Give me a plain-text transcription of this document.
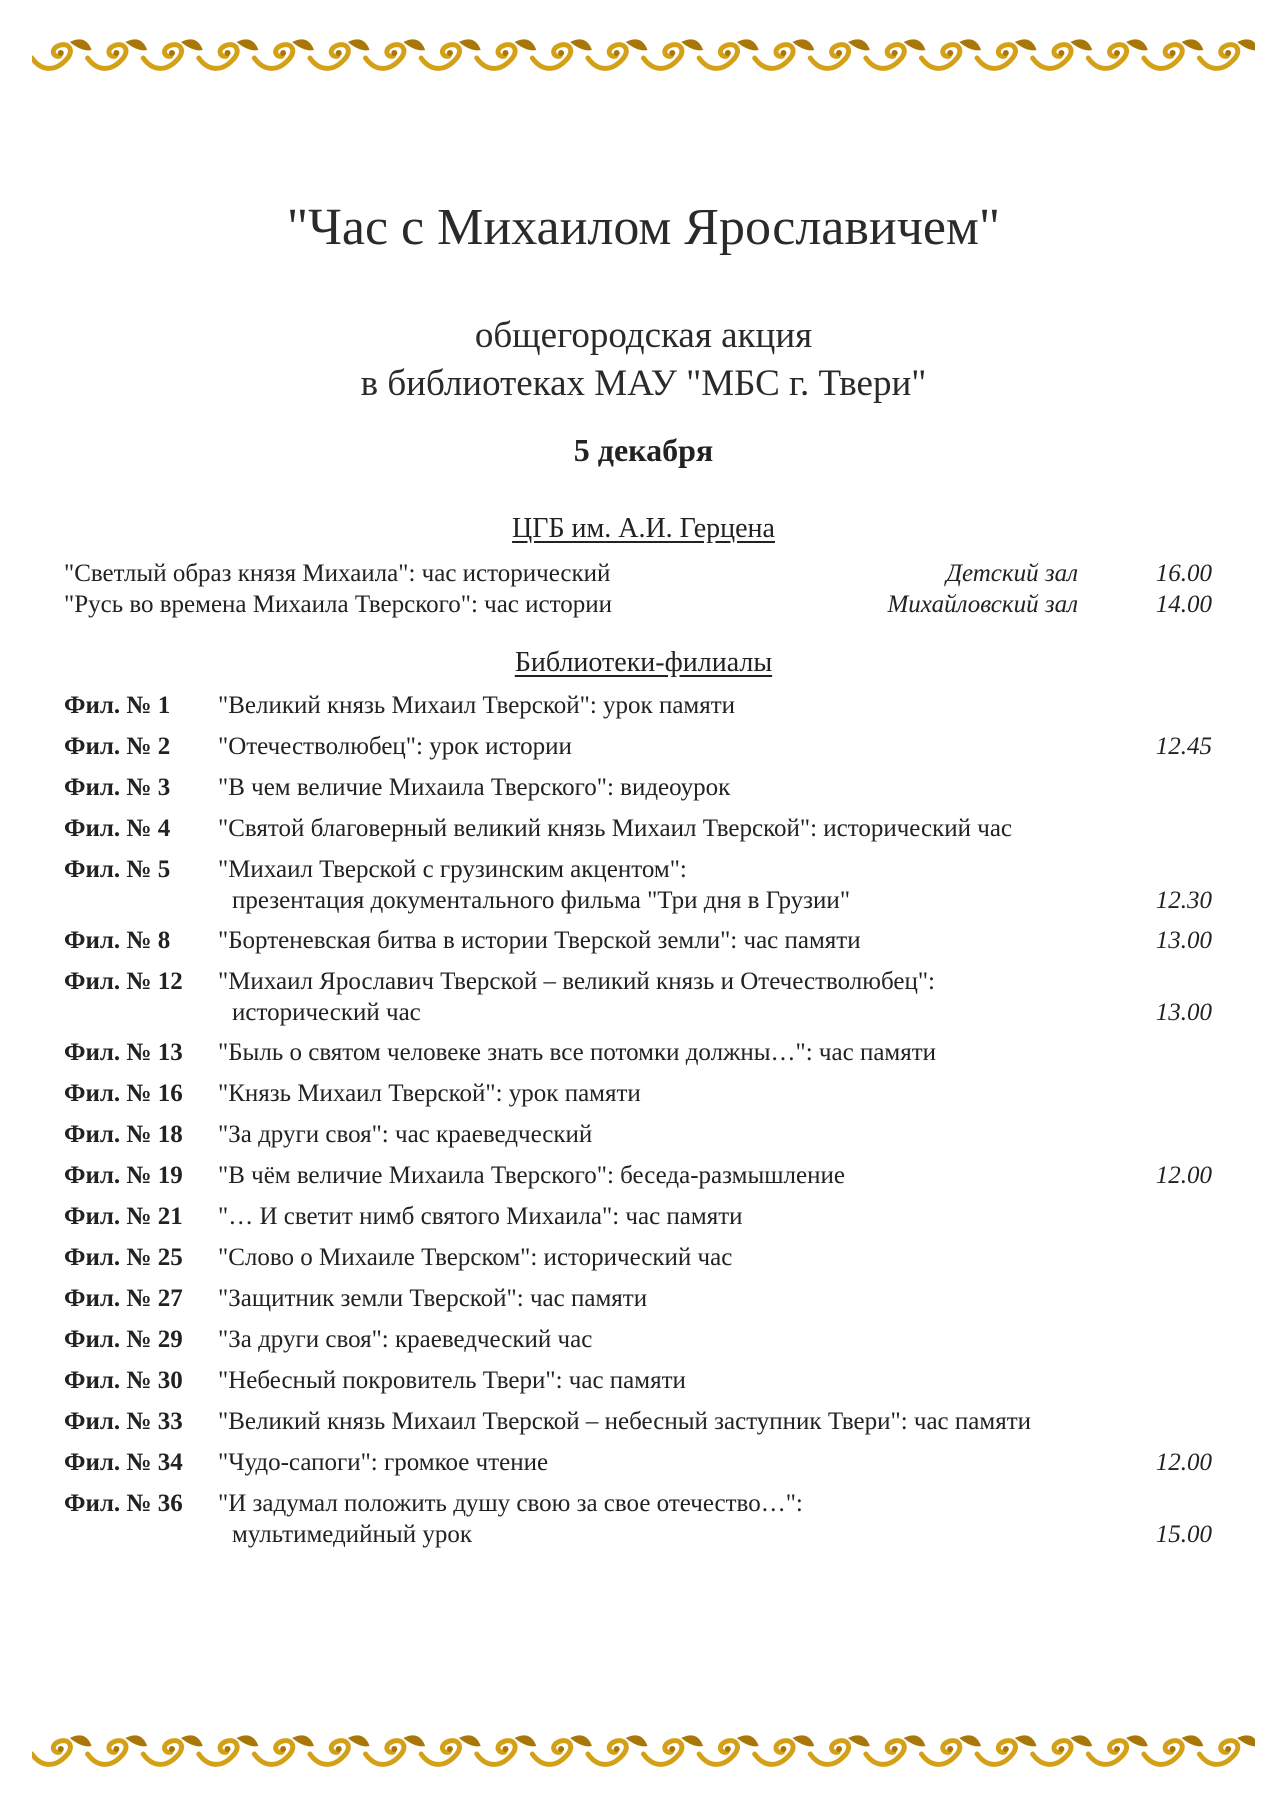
"Час с Михаилом Ярославичем"
общегородская акция
в библиотеках МАУ "МБС г. Твери"
5 декабря
ЦГБ им. А.И. Герцена
"Светлый образ князя Михаила": час исторический	Детский зал	16.00
"Русь во времена Михаила Тверского": час истории	Михайловский зал	14.00
Библиотеки-филиалы
Фил. № 1 "Великий князь Михаил Тверской": урок памяти
Фил. № 2 "Отечестволюбец": урок истории	12.45
Фил. № 3 "В чем величие Михаила Тверского": видеоурок
Фил. № 4 "Святой благоверный великий князь Михаил Тверской": исторический час
Фил. № 5 "Михаил Тверской с грузинским акцентом":
презентация документального фильма "Три дня в Грузии"	12.30
Фил. № 8 "Бортеневская битва в истории Тверской земли": час памяти	13.00
Фил. № 12 "Михаил Ярославич Тверской – великий князь и Отечестволюбец":
исторический час	13.00
Фил. № 13 "Быль о святом человеке знать все потомки должны…": час памяти
Фил. № 16 "Князь Михаил Тверской": урок памяти
Фил. № 18 "За други своя": час краеведческий
Фил. № 19 "В чём величие Михаила Тверского": беседа-размышление	12.00
Фил. № 21 "… И светит нимб святого Михаила": час памяти
Фил. № 25 "Слово о Михаиле Тверском": исторический час
Фил. № 27 "Защитник земли Тверской": час памяти
Фил. № 29 "За други своя": краеведческий час
Фил. № 30 "Небесный покровитель Твери": час памяти
Фил. № 33 "Великий князь Михаил Тверской – небесный заступник Твери": час памяти
Фил. № 34 "Чудо-сапоги": громкое чтение	12.00
Фил. № 36 "И задумал положить душу свою за свое отечество…":
мультимедийный урок	15.00
